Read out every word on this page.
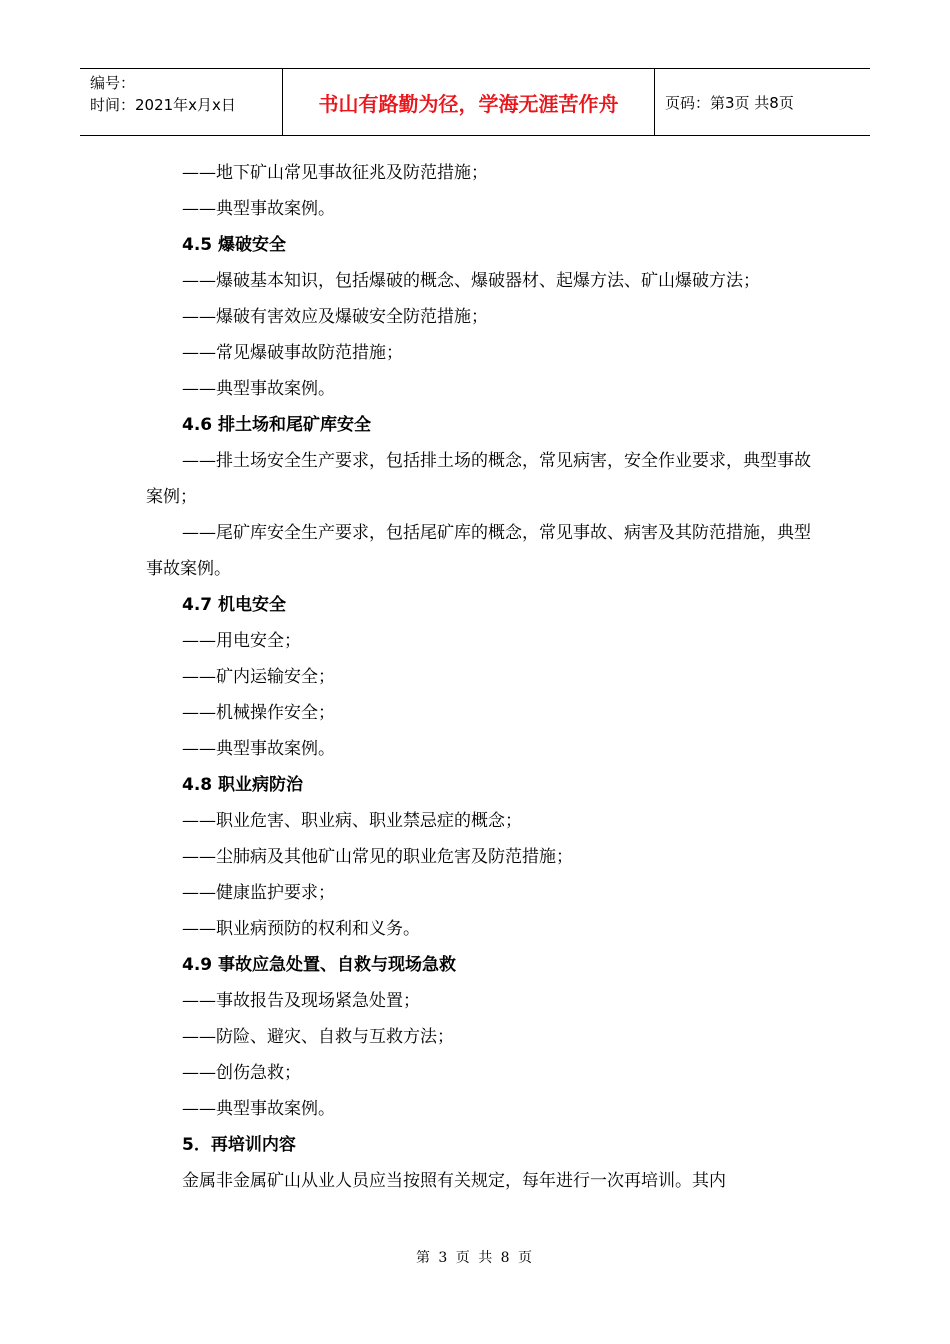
编号：
时间：2021年x月x日	书山有路勤为径，学海无涯苦作舟	页码：第3页 共8页

——地下矿山常见事故征兆及防范措施；

——典型事故案例。

4.5 爆破安全

——爆破基本知识，包括爆破的概念、爆破器材、起爆方法、矿山爆破方法；

——爆破有害效应及爆破安全防范措施；

——常见爆破事故防范措施；

——典型事故案例。

4.6 排土场和尾矿库安全

——排土场安全生产要求，包括排土场的概念，常见病害，安全作业要求，典型事故案例；

——尾矿库安全生产要求，包括尾矿库的概念，常见事故、病害及其防范措施，典型事故案例。

4.7 机电安全

——用电安全；

——矿内运输安全；

——机械操作安全；

——典型事故案例。

4.8 职业病防治

——职业危害、职业病、职业禁忌症的概念；

——尘肺病及其他矿山常见的职业危害及防范措施；

——健康监护要求；

——职业病预防的权利和义务。

4.9 事故应急处置、自救与现场急救

——事故报告及现场紧急处置；

——防险、避灾、自救与互救方法；

——创伤急救；

——典型事故案例。

5．再培训内容

金属非金属矿山从业人员应当按照有关规定，每年进行一次再培训。其内

第 3 页 共 8 页
